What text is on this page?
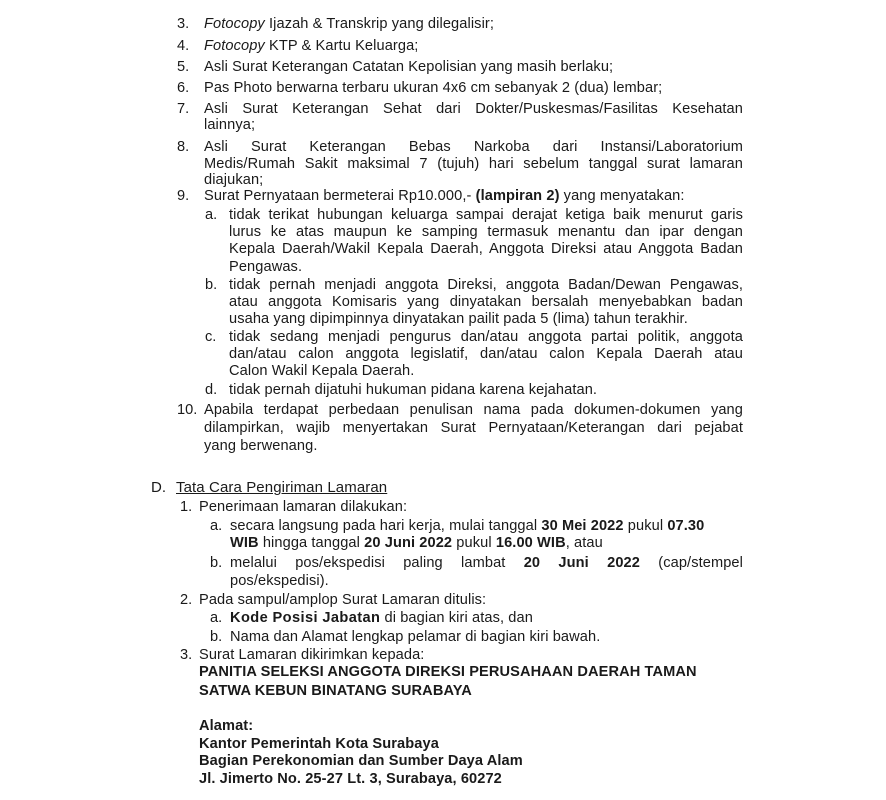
3. Fotocopy Ijazah & Transkrip yang dilegalisir;
4. Fotocopy KTP & Kartu Keluarga;
5. Asli Surat Keterangan Catatan Kepolisian yang masih berlaku;
6. Pas Photo berwarna terbaru ukuran 4x6 cm sebanyak 2 (dua) lembar;
7. Asli Surat Keterangan Sehat dari Dokter/Puskesmas/Fasilitas Kesehatan
lainnya;
8. Asli Surat Keterangan Bebas Narkoba dari Instansi/Laboratorium
Medis/Rumah Sakit maksimal 7 (tujuh) hari sebelum tanggal surat lamaran
diajukan;
9. Surat Pernyataan bermeterai Rp10.000,- (lampiran 2) yang menyatakan:
a. tidak terikat hubungan keluarga sampai derajat ketiga baik menurut garis
lurus ke atas maupun ke samping termasuk menantu dan ipar dengan
Kepala Daerah/Wakil Kepala Daerah, Anggota Direksi atau Anggota Badan
Pengawas.
b. tidak pernah menjadi anggota Direksi, anggota Badan/Dewan Pengawas,
atau anggota Komisaris yang dinyatakan bersalah menyebabkan badan
usaha yang dipimpinnya dinyatakan pailit pada 5 (lima) tahun terakhir.
c. tidak sedang menjadi pengurus dan/atau anggota partai politik, anggota
dan/atau calon anggota legislatif, dan/atau calon Kepala Daerah atau
Calon Wakil Kepala Daerah.
d. tidak pernah dijatuhi hukuman pidana karena kejahatan.
10. Apabila terdapat perbedaan penulisan nama pada dokumen-dokumen yang
dilampirkan, wajib menyertakan Surat Pernyataan/Keterangan dari pejabat
yang berwenang.
D. Tata Cara Pengiriman Lamaran
1. Penerimaan lamaran dilakukan:
a. secara langsung pada hari kerja, mulai tanggal 30 Mei 2022 pukul 07.30
WIB hingga tanggal 20 Juni 2022 pukul 16.00 WIB, atau
b. melalui pos/ekspedisi paling lambat 20 Juni 2022 (cap/stempel
pos/ekspedisi).
2. Pada sampul/amplop Surat Lamaran ditulis:
a. Kode Posisi Jabatan di bagian kiri atas, dan
b. Nama dan Alamat lengkap pelamar di bagian kiri bawah.
3. Surat Lamaran dikirimkan kepada:
PANITIA SELEKSI ANGGOTA DIREKSI PERUSAHAAN DAERAH TAMAN
SATWA KEBUN BINATANG SURABAYA
Alamat:
Kantor Pemerintah Kota Surabaya
Bagian Perekonomian dan Sumber Daya Alam
Jl. Jimerto No. 25-27 Lt. 3, Surabaya, 60272
